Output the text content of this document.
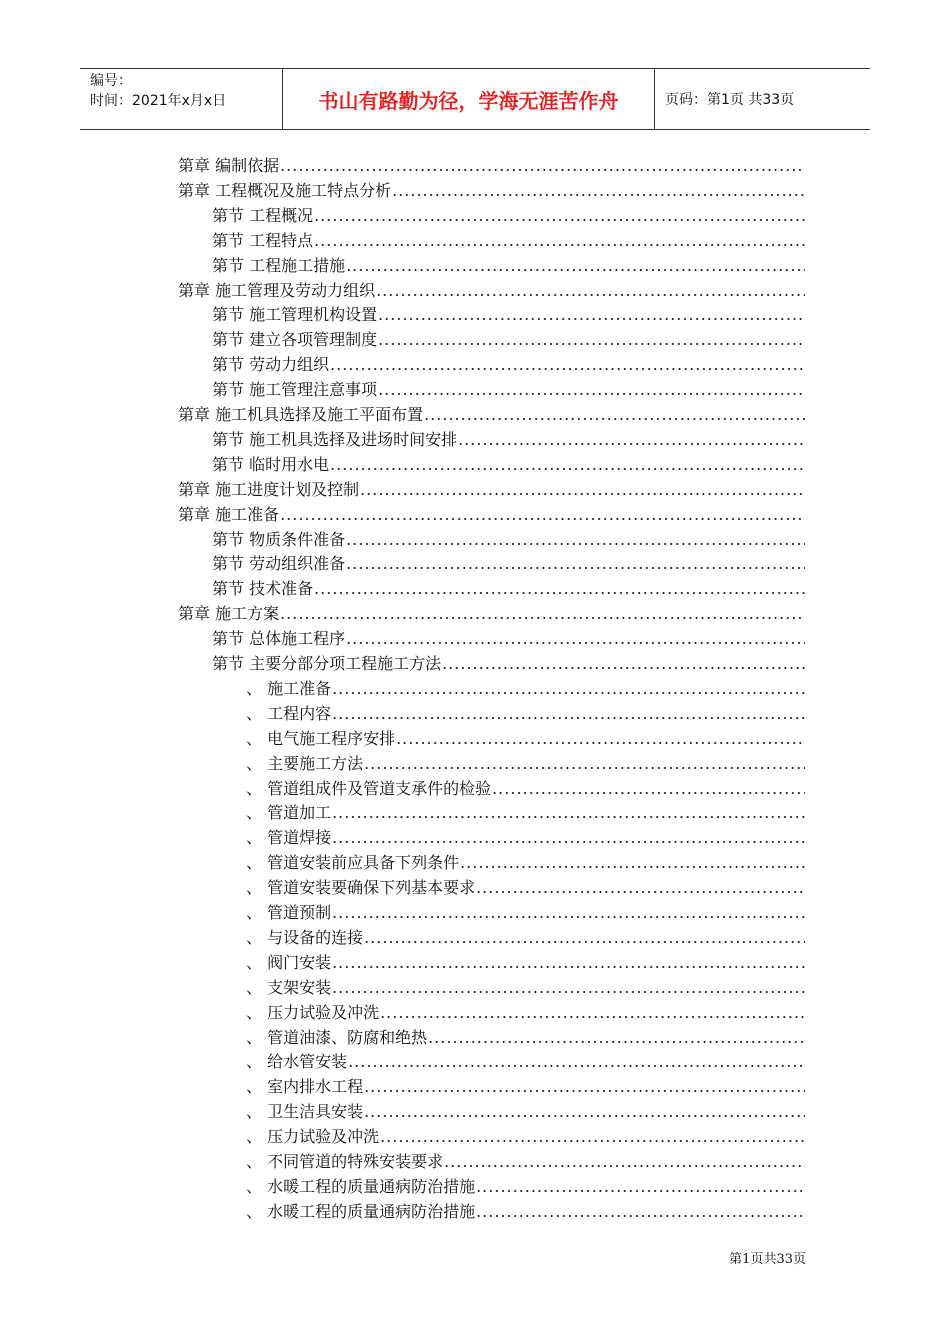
编号：
时间：2021年x月x日	书山有路勤为径，学海无涯苦作舟	页码：第1页 共33页
第章 编制依据
.....
第章 工程概况及施工特点分析
.....
第节 工程概况
.....
第节 工程特点
.....
第节 工程施工措施
.....
第章 施工管理及劳动力组织
.....
第节 施工管理机构设置
.....
第节 建立各项管理制度
.....
第节 劳动力组织
.....
第节 施工管理注意事项
.....
第章 施工机具选择及施工平面布置
.....
第节 施工机具选择及进场时间安排
.....
第节 临时用水电
.....
第章 施工进度计划及控制
.....
第章 施工准备
.....
第节 物质条件准备
.....
第节 劳动组织准备
.....
第节 技术准备
.....
第章 施工方案
.....
第节 总体施工程序
.....
第节 主要分部分项工程施工方法
.....
、 施工准备
.....
、 工程内容
.....
、 电气施工程序安排
.....
、 主要施工方法
.....
、 管道组成件及管道支承件的检验
.....
、 管道加工
.....
、 管道焊接
.....
、 管道安装前应具备下列条件
.....
、 管道安装要确保下列基本要求
.....
、 管道预制
.....
、 与设备的连接
.....
、 阀门安装
.....
、 支架安装
.....
、 压力试验及冲洗
.....
、 管道油漆、防腐和绝热
.....
、 给水管安装
.....
、 室内排水工程
.....
、 卫生洁具安装
.....
、 压力试验及冲洗
.....
、 不同管道的特殊安装要求
.....
、 水暖工程的质量通病防治措施
.....
、 水暖工程的质量通病防治措施
.....
第1页共33页
